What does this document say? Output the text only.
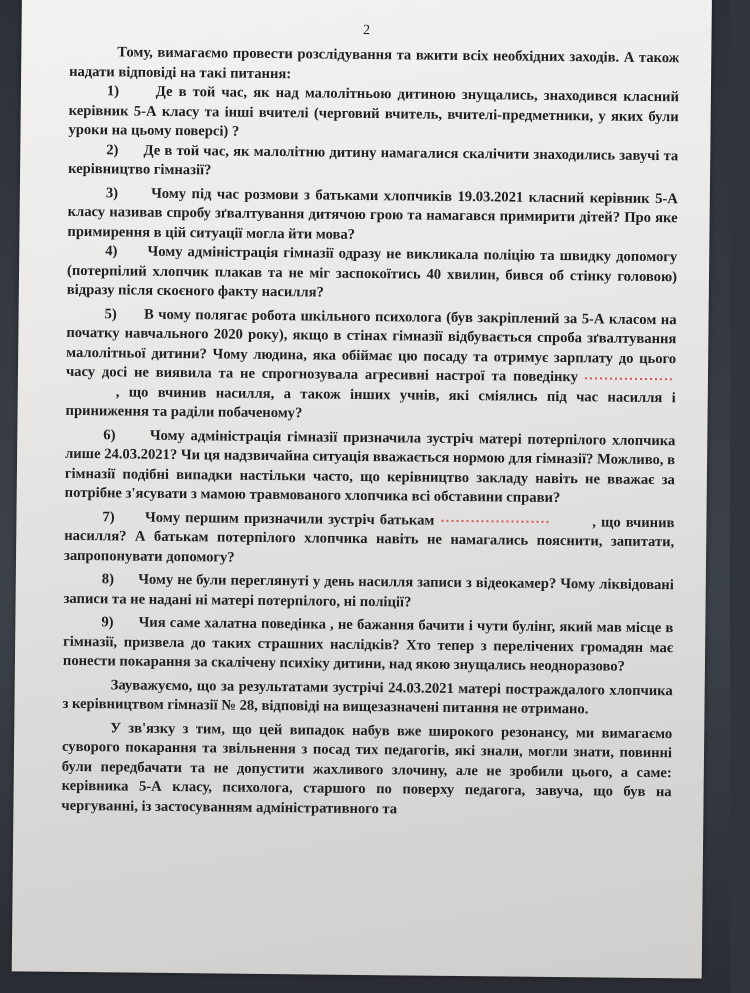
2

Тому, вимагаємо провести розслідування та вжити всіх необхідних заходів. А також надати відповіді на такі питання:

1)	Де в той час, як над малолітньою дитиною знущались, знаходився класний керівник 5-А класу та інші вчителі (черговий вчитель, вчителі-предметники, у яких були уроки на цьому поверсі) ?

2) Де в той час, як малолітню дитину намагалися скалічити знаходились завучі та керівництво гімназії?

3) Чому під час розмови з батьками хлопчиків 19.03.2021 класний керівник 5-А класу називав спробу зґвалтування дитячою грою та намагався примирити дітей? Про яке примирення в цій ситуації могла йти мова?

4) Чому адміністрація гімназії одразу не викликала поліцію та швидку допомогу (потерпілий хлопчик плакав та не міг заспокоїтись 40 хвилин, бився об стінку головою) відразу після скоєного факту насилля?

5) В чому полягає робота шкільного психолога (був закріплений за 5-А класом на початку навчального 2020 року), якщо в стінах гімназії відбувається спроба зґвалтування малолітньої дитини? Чому людина, яка обіймає цю посаду та отримує зарплату до цього часу досі не виявила та не спрогнозувала агресивні настрої та поведінку, що вчинив насилля, а також інших учнів, які сміялись під час насилля і приниження та раділи побаченому?

6) Чому адміністрація гімназії призначила зустріч матері потерпілого хлопчика лише 24.03.2021? Чи ця надзвичайна ситуація вважається нормою для гімназії? Можливо, в гімназії подібні випадки настільки часто, що керівництво закладу навіть не вважає за потрібне з'ясувати з мамою травмованого хлопчика всі обставини справи?

7) Чому першим призначили зустріч батькам	, що вчинив насилля? А батькам потерпілого хлопчика навіть не намагались пояснити, запитати, запропонувати допомогу?

8) Чому не були переглянуті у день насилля записи з відеокамер? Чому ліквідовані записи та не надані ні матері потерпілого, ні поліції?

9) Чия саме халатна поведінка , не бажання бачити і чути булінг, який мав місце в гімназії, призвела до таких страшних наслідків? Хто тепер з перелічених громадян має понести покарання за скалічену психіку дитини, над якою знущались неодноразово?

Зауважуємо, що за результатами зустрічі 24.03.2021 матері постраждалого хлопчика з керівництвом гімназії № 28, відповіді на вищезазначені питання не отримано.

У зв'язку з тим, що цей випадок набув вже широкого резонансу, ми вимагаємо суворого покарання та звільнення з посад тих педагогів, які знали, могли знати, повинні були передбачати та не допустити жахливого злочину, але не зробили цього, а саме: керівника 5-А класу, психолога, старшого по поверху педагога, завуча, що був на чергуванні, із застосуванням адміністративного та
